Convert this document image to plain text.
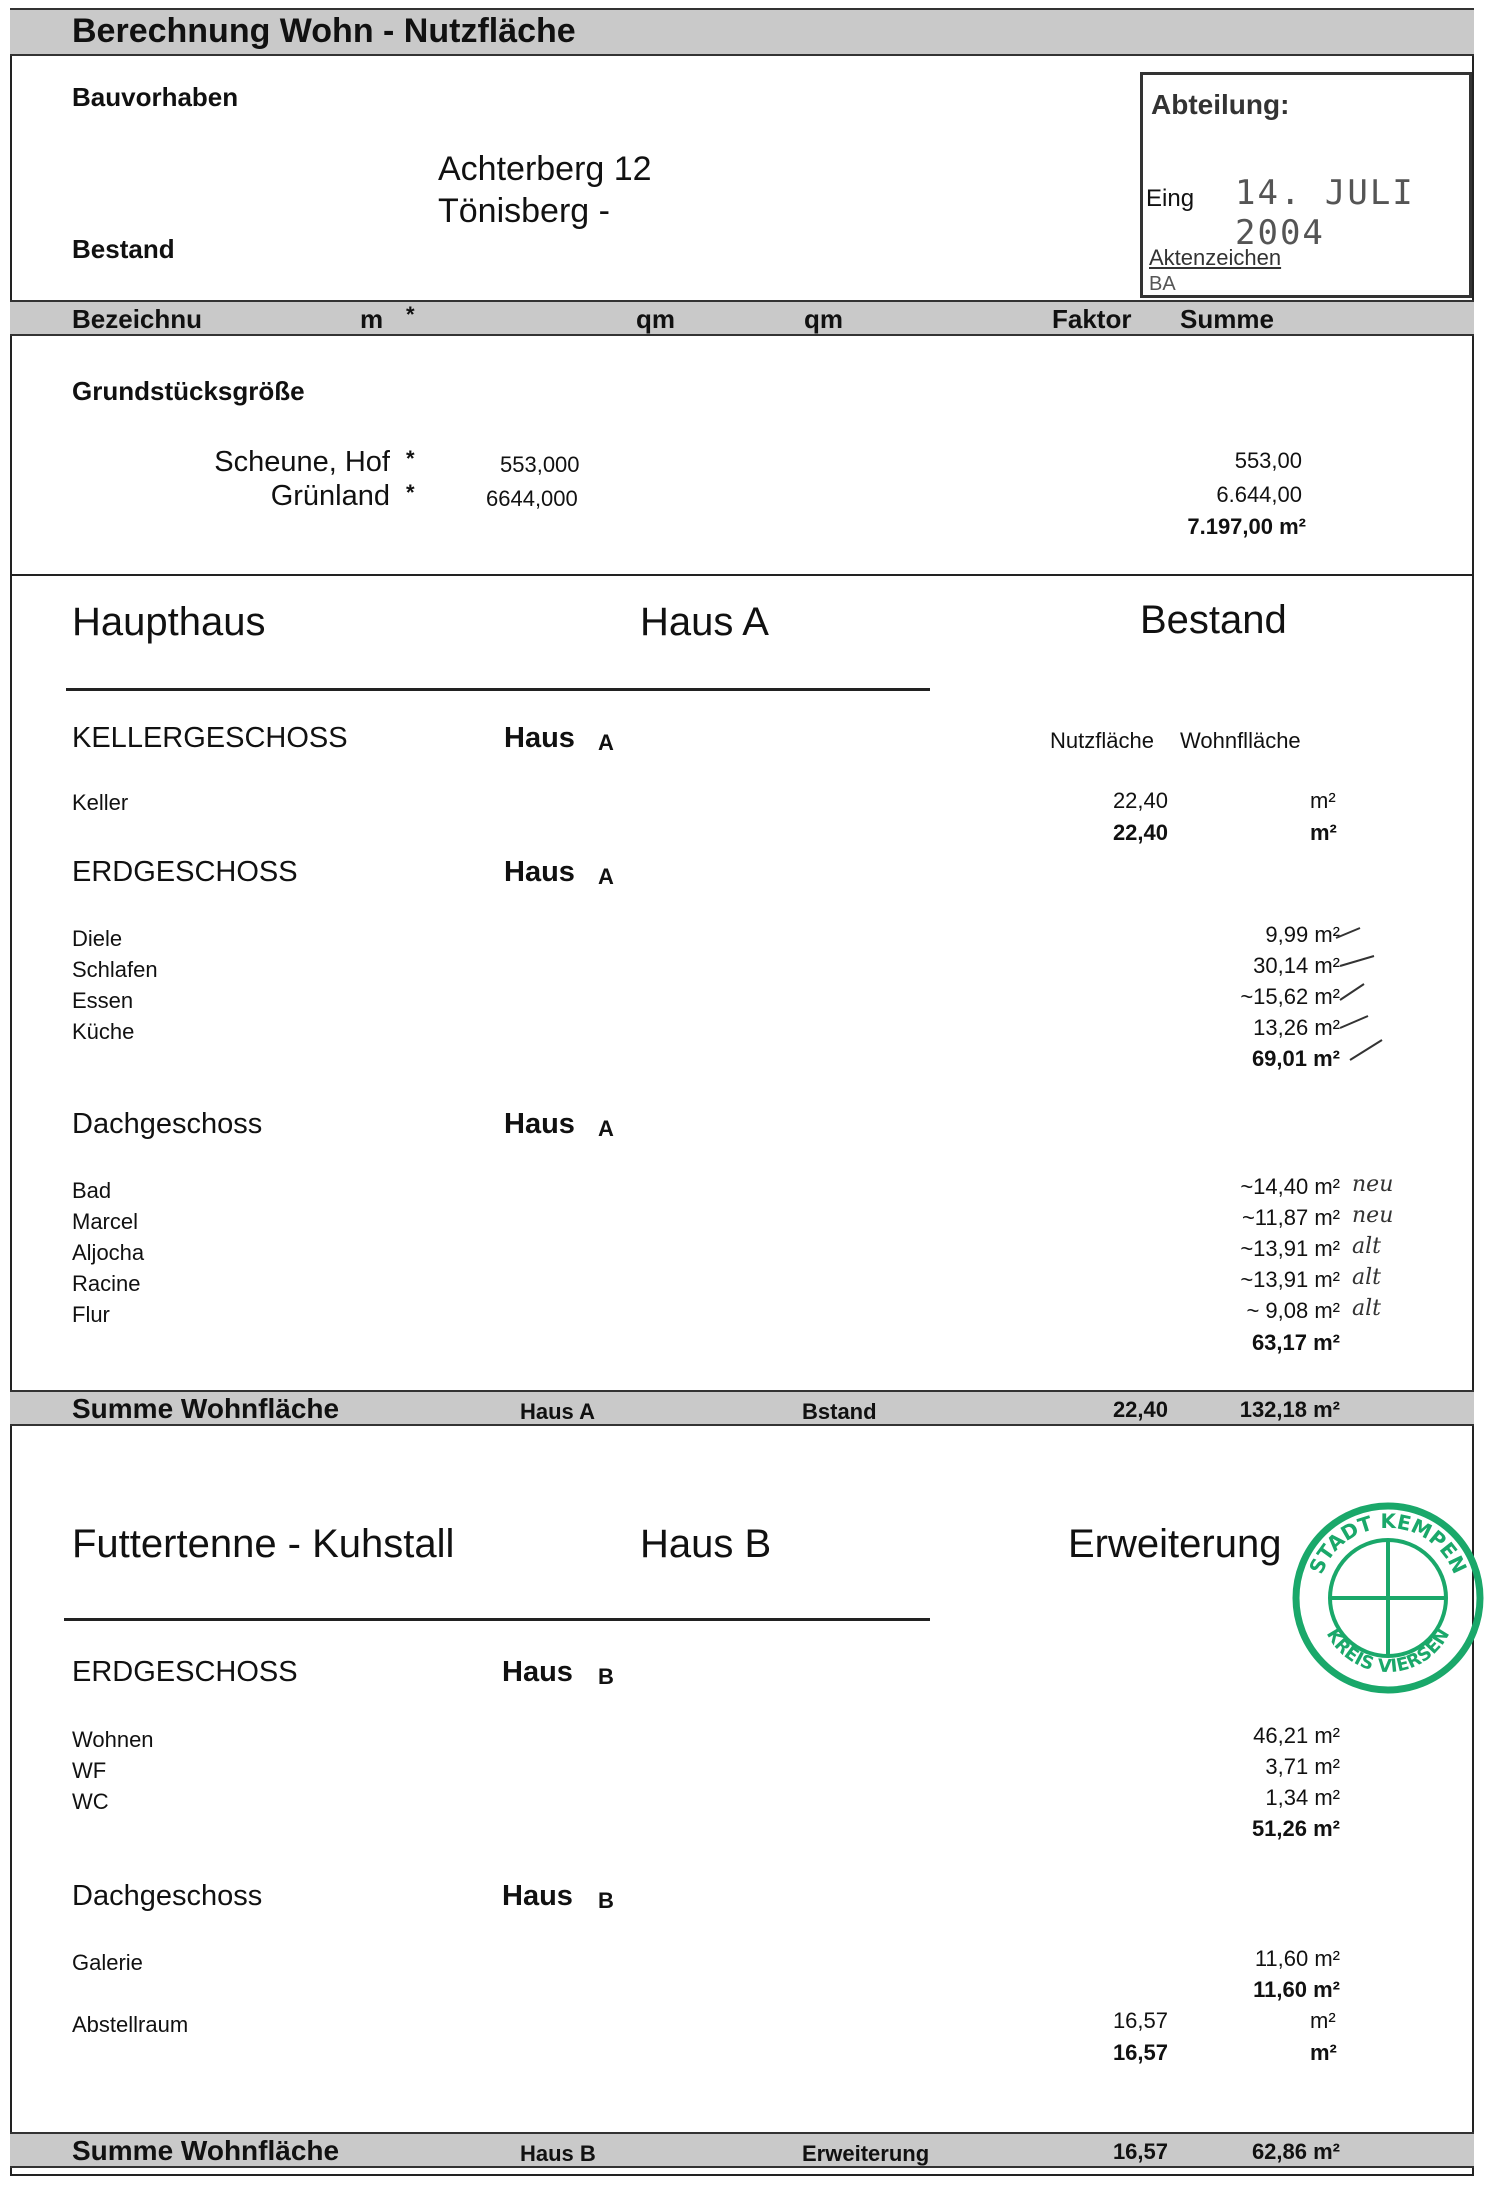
Berechnung Wohn - Nutzfläche
Bauvorhaben
Achterberg 12
Tönisberg -
Bestand
Abteilung:
Eing 14. JULI 2004
Aktenzeichen
BA
Bezeichnu	m *	qm	qm	Faktor Summe
Grundstücksgröße
Scheune, Hof *	553,000	553,00
Grünland *	6644,000	6.644,00
7.197,00 m²
Haupthaus	Haus A	Bestand
KELLERGESCHOSS	Haus A	Nutzfläche Wohnflläche
Keller	22,40	m²
22,40	m²
ERDGESCHOSS	Haus A
Diele	9,99 m²
Schlafen	30,14 m²
Essen	~15,62 m²
Küche	13,26 m²
69,01 m²
Dachgeschoss	Haus A
Bad	~14,40 m² neu
Marcel	~11,87 m² neu
Aljocha	~13,91 m² alt
Racine	~13,91 m² alt
Flur	~ 9,08 m² alt
63,17 m²
Summe Wohnfläche	Haus A	Bstand	22,40	132,18 m²
Futtertenne - Kuhstall	Haus B	Erweiterung STADT KEMPEN
KREIS VIERSEN
ERDGESCHOSS	Haus B
Wohnen	46,21 m²
WF	3,71 m²
WC	1,34 m²
51,26 m²
Dachgeschoss	Haus B
Galerie	11,60 m²
11,60 m²
Abstellraum	16,57	m²
16,57	m²
Summe Wohnfläche	Haus B	Erweiterung	16,57	62,86 m²
